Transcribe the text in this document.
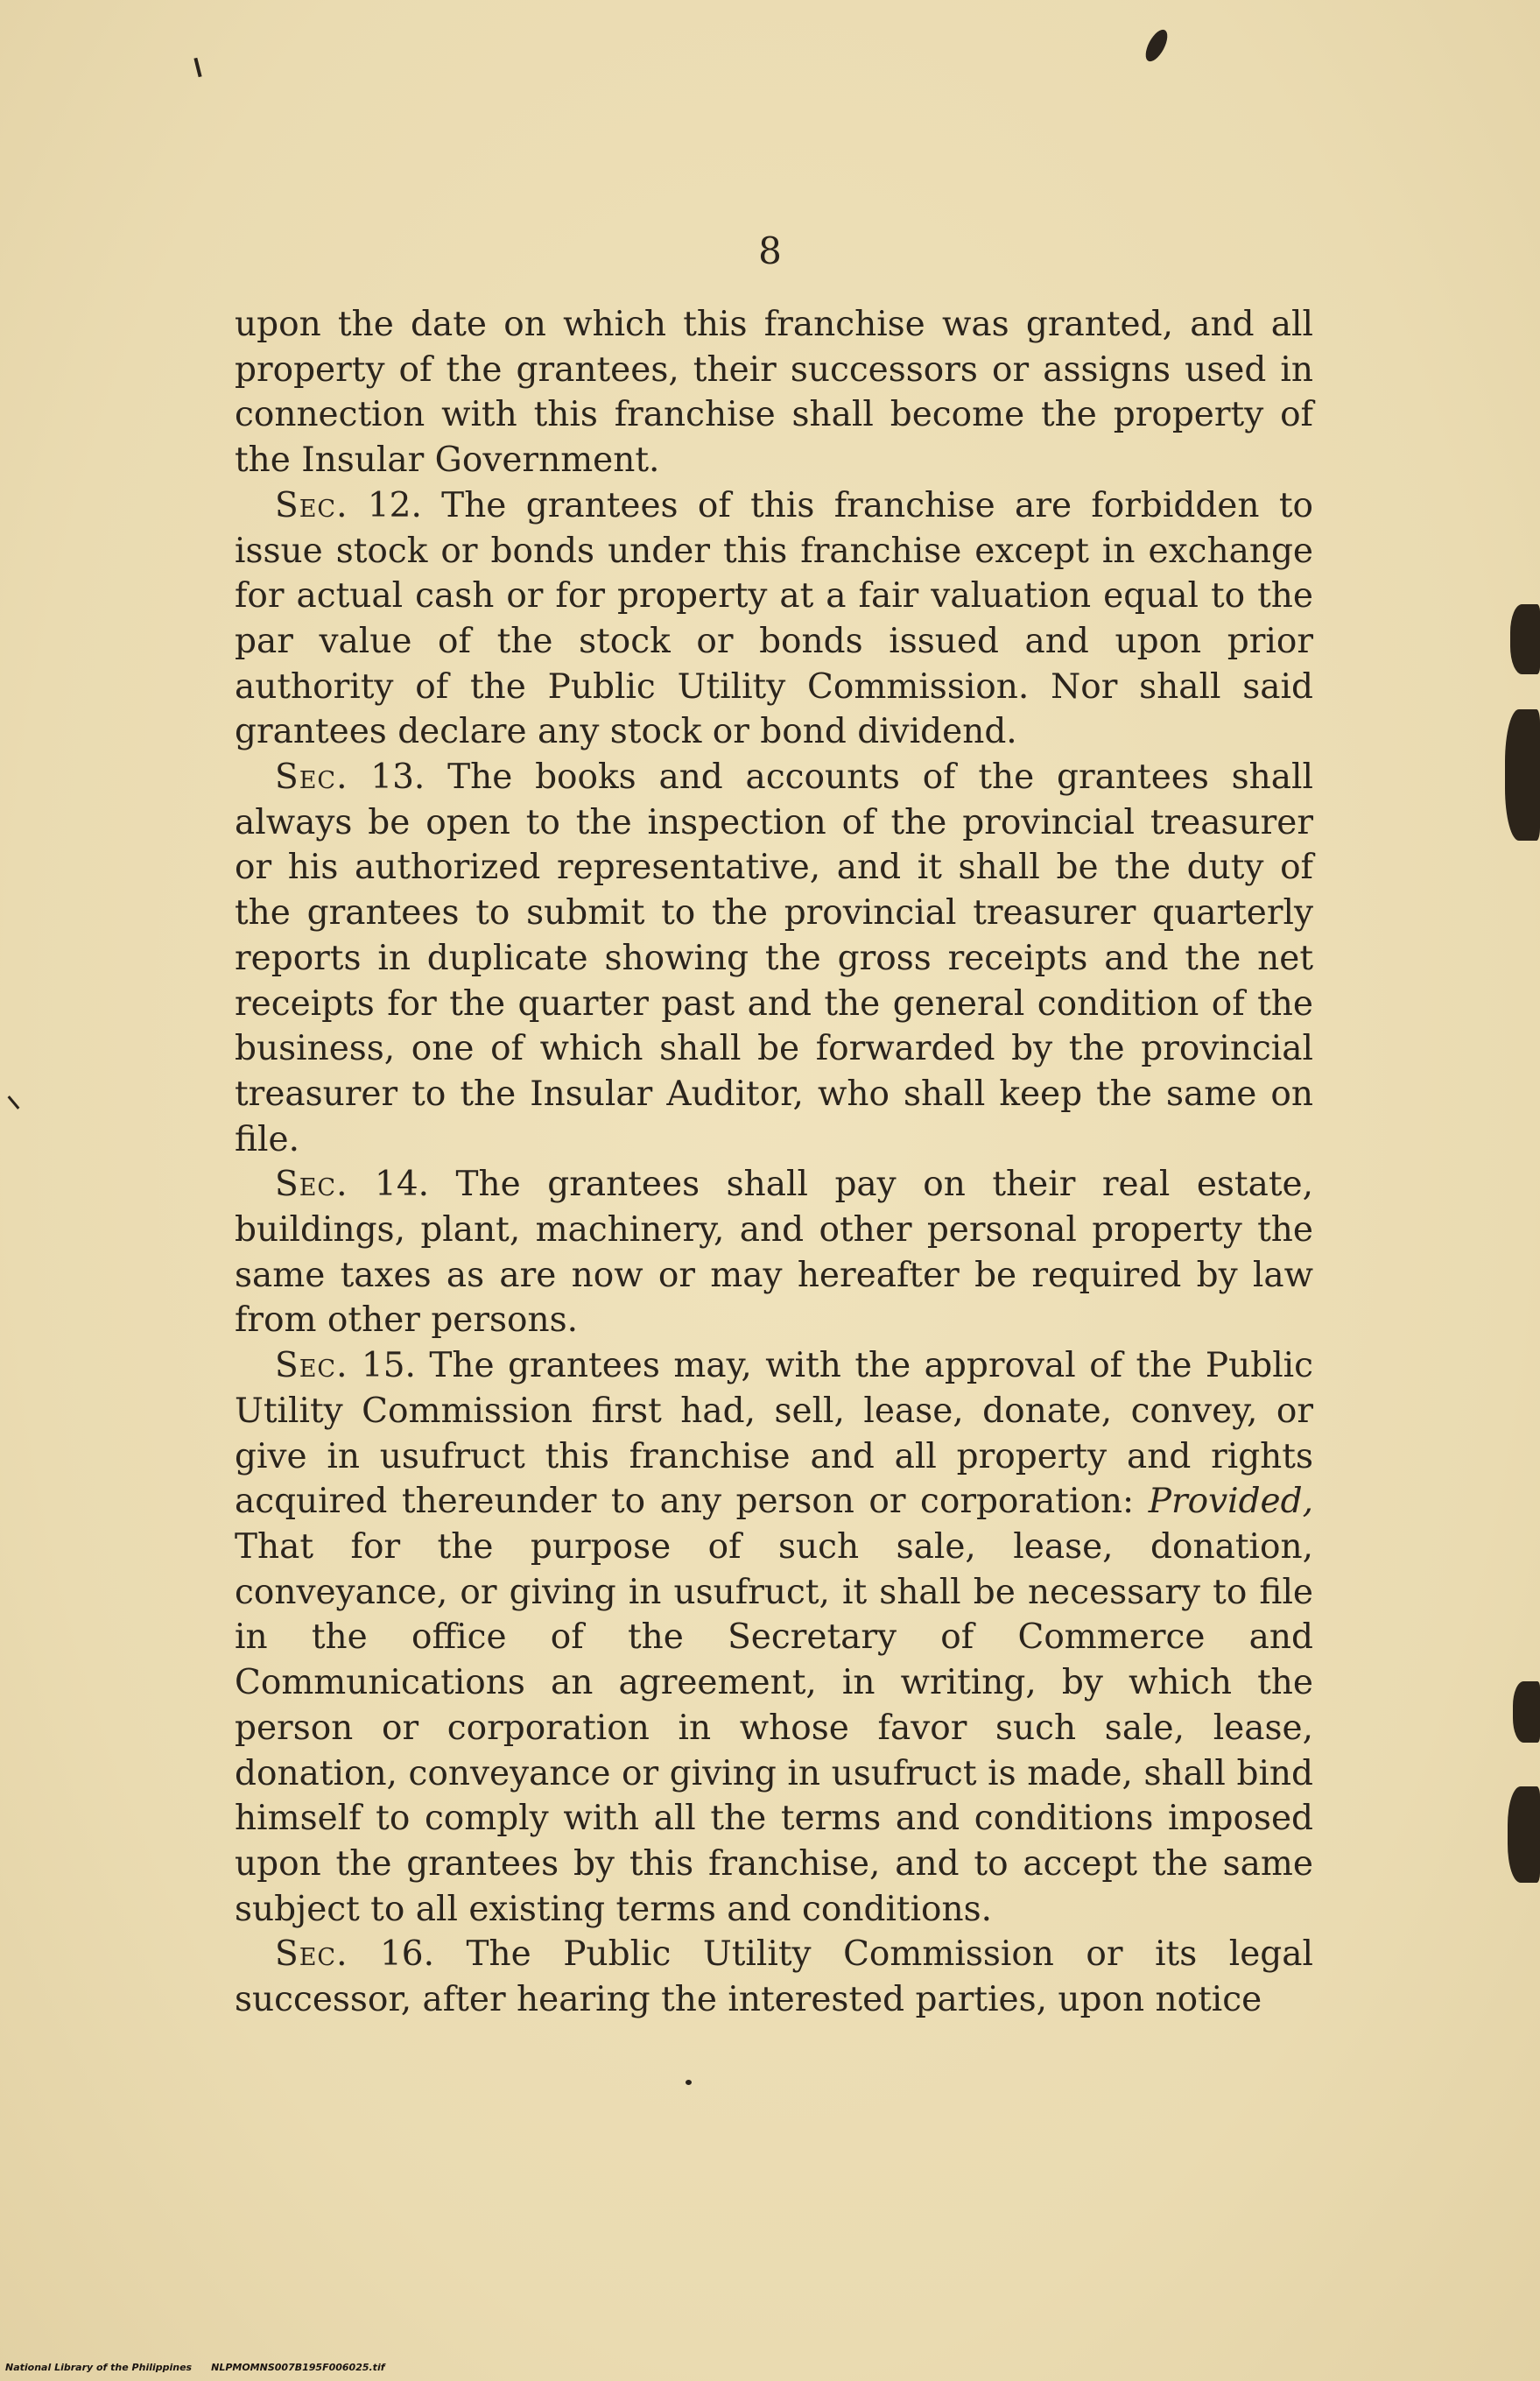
8

upon the date on which this franchise was granted, and all property of the grantees, their successors or assigns used in connection with this franchise shall become the property of the Insular Government.

Sec. 12. The grantees of this franchise are forbidden to issue stock or bonds under this franchise except in exchange for actual cash or for property at a fair valuation equal to the par value of the stock or bonds issued and upon prior authority of the Public Utility Commission. Nor shall said grantees declare any stock or bond dividend.

Sec. 13. The books and accounts of the grantees shall always be open to the inspection of the provincial treasurer or his authorized representative, and it shall be the duty of the grantees to submit to the provincial treasurer quarterly reports in duplicate showing the gross receipts and the net receipts for the quarter past and the general condition of the business, one of which shall be forwarded by the provincial treasurer to the Insular Auditor, who shall keep the same on file.

Sec. 14. The grantees shall pay on their real estate, buildings, plant, machinery, and other personal property the same taxes as are now or may hereafter be required by law from other persons.

Sec. 15. The grantees may, with the approval of the Public Utility Commission first had, sell, lease, donate, convey, or give in usufruct this franchise and all property and rights acquired thereunder to any person or corporation: Provided, That for the purpose of such sale, lease, donation, conveyance, or giving in usufruct, it shall be necessary to file in the office of the Secretary of Commerce and Communications an agreement, in writing, by which the person or corporation in whose favor such sale, lease, donation, conveyance or giving in usufruct is made, shall bind himself to comply with all the terms and conditions imposed upon the grantees by this franchise, and to accept the same subject to all existing terms and conditions.

Sec. 16. The Public Utility Commission or its legal successor, after hearing the interested parties, upon notice

National Library of the Philippines NLPMOMNS007B195F006025.tif
